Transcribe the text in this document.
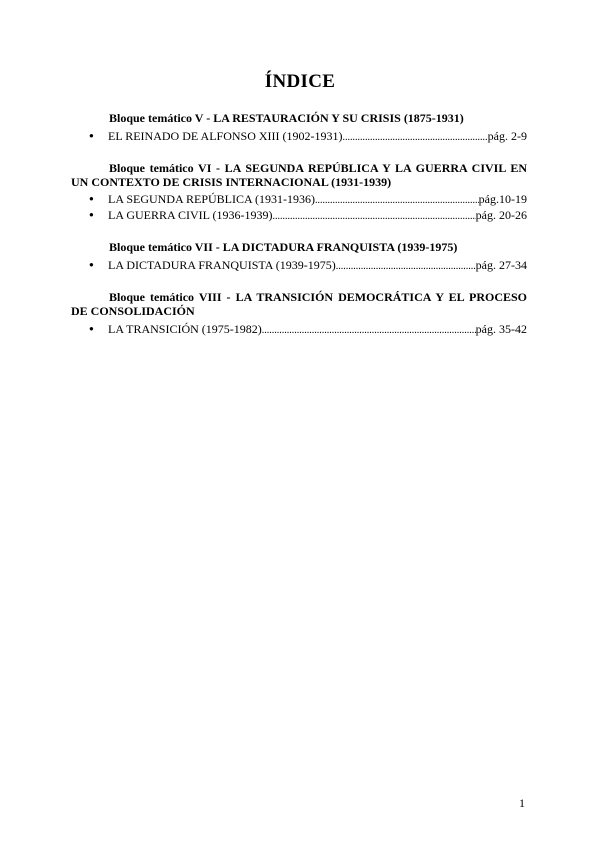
ÍNDICE
Bloque temático V - LA RESTAURACIÓN Y SU CRISIS (1875-1931)
● EL REINADO DE ALFONSO XIII (1902-1931) .....	pág. 2-9
Bloque temático VI - LA SEGUNDA REPÚBLICA Y LA GUERRA CIVIL EN UN CONTEXTO DE CRISIS INTERNACIONAL (1931-1939)
● LA SEGUNDA REPÚBLICA (1931-1936) .....	pág.10-19
● LA GUERRA CIVIL (1936-1939) .....	pág. 20-26
Bloque temático VII - LA DICTADURA FRANQUISTA (1939-1975)
● LA DICTADURA FRANQUISTA (1939-1975) .....	pág. 27-34
Bloque temático VIII - LA TRANSICIÓN DEMOCRÁTICA Y EL PROCESO DE CONSOLIDACIÓN
● LA TRANSICIÓN (1975-1982) .....	pág. 35-42
1
